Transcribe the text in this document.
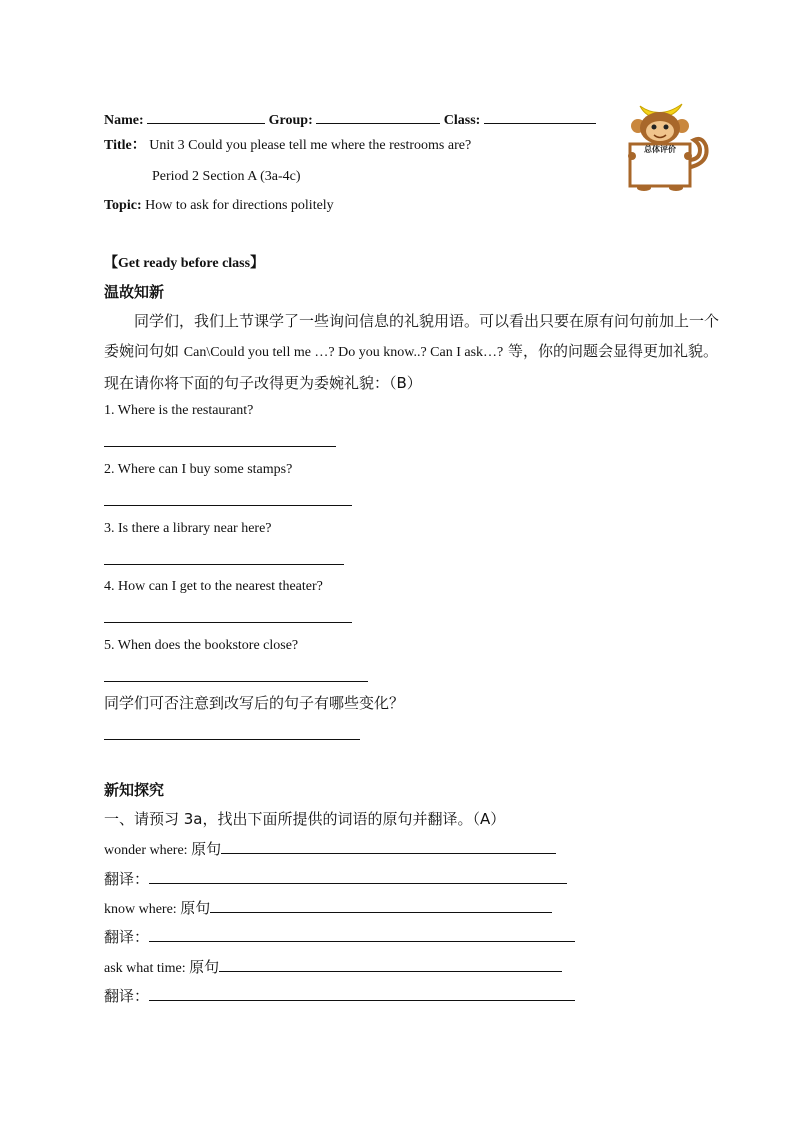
Name:	Group:	Class:
Title： Unit 3 Could you please tell me where the restrooms are?
Period 2 Section A (3a-4c)
Topic: How to ask for directions politely
总体评价
【Get ready before class】
温故知新
同学们，我们上节课学了一些询问信息的礼貌用语。可以看出只要在原有问句前加上一个委婉问句如 Can\Could you tell me …? Do you know..? Can I ask…? 等，你的问题会显得更加礼貌。现在请你将下面的句子改得更为委婉礼貌：（B）
1. Where is the restaurant?
2. Where can I buy some stamps?
3. Is there a library near here?
4. How can I get to the nearest theater?
5. When does the bookstore close?
同学们可否注意到改写后的句子有哪些变化？
新知探究
一、请预习 3a，找出下面所提供的词语的原句并翻译。（A）
wonder where: 原句
翻译：
know where: 原句
翻译：
ask what time: 原句
翻译：
